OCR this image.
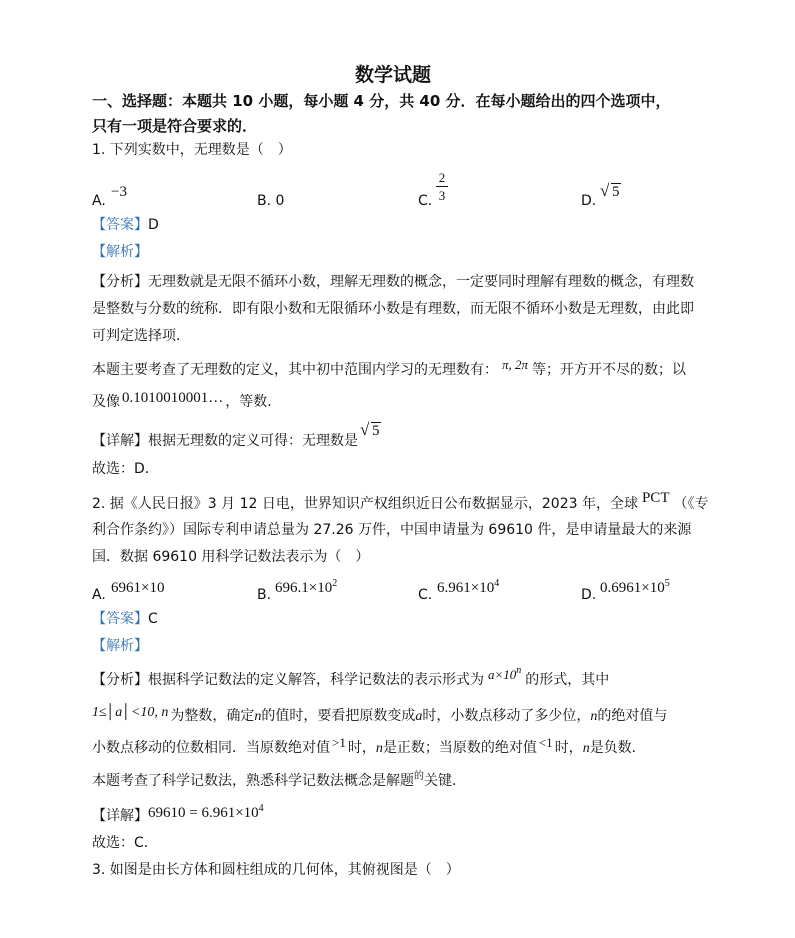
数学试题
一、选择题：本题共 10 小题，每小题 4 分，共 40 分．在每小题给出的四个选项中，
只有一项是符合要求的．
1. 下列实数中，无理数是（　）
A.
−3
B. 0	C.
2
3	D.
√ 5
【答案】D
【解析】
【分析】无理数就是无限不循环小数，理解无理数的概念，一定要同时理解有理数的概念，有理数
是整数与分数的统称．即有限小数和无限循环小数是有理数，而无限不循环小数是无理数，由此即
可判定选择项．
本题主要考查了无理数的定义，其中初中范围内学习的无理数有： π, 2π 等；开方开不尽的数；以
及像 0.1010010001… ，等数．
【详解】根据无理数的定义可得：无理数是
√ 5
故选：D．
2. 据《人民日报》3 月 12 日电，世界知识产权组织近日公布数据显示，2023 年，全球 PCT （《专
利合作条约》）国际专利申请总量为 27.26 万件，中国申请量为 69610 件，是申请量最大的来源
国．数据 69610 用科学记数法表示为（　）
A. 6961×10	B. $696.1\times 10^2$
C. $6.961\times 10^4$
D. $0.6961\times 10^5$
【答案】C
【解析】
【分析】根据科学记数法的定义解答，科学记数法的表示形式为 $a\times 10^n$的形式，其中
1≤│a│<10, n 为整数，确定n的值时，要看把原数变成a时，小数点移动了多少位，n的绝对值与
小数点移动的位数相同．当原数绝对值 >1 时，n是正数；当原数的绝对值 <1 时，n是负数．
本题考查了科学记数法，熟悉科学记数法概念是解题$^的$关键．
【详解】$69610 = 6.961\times 10^4$
故选：C．
3. 如图是由长方体和圆柱组成的几何体，其俯视图是（　）
